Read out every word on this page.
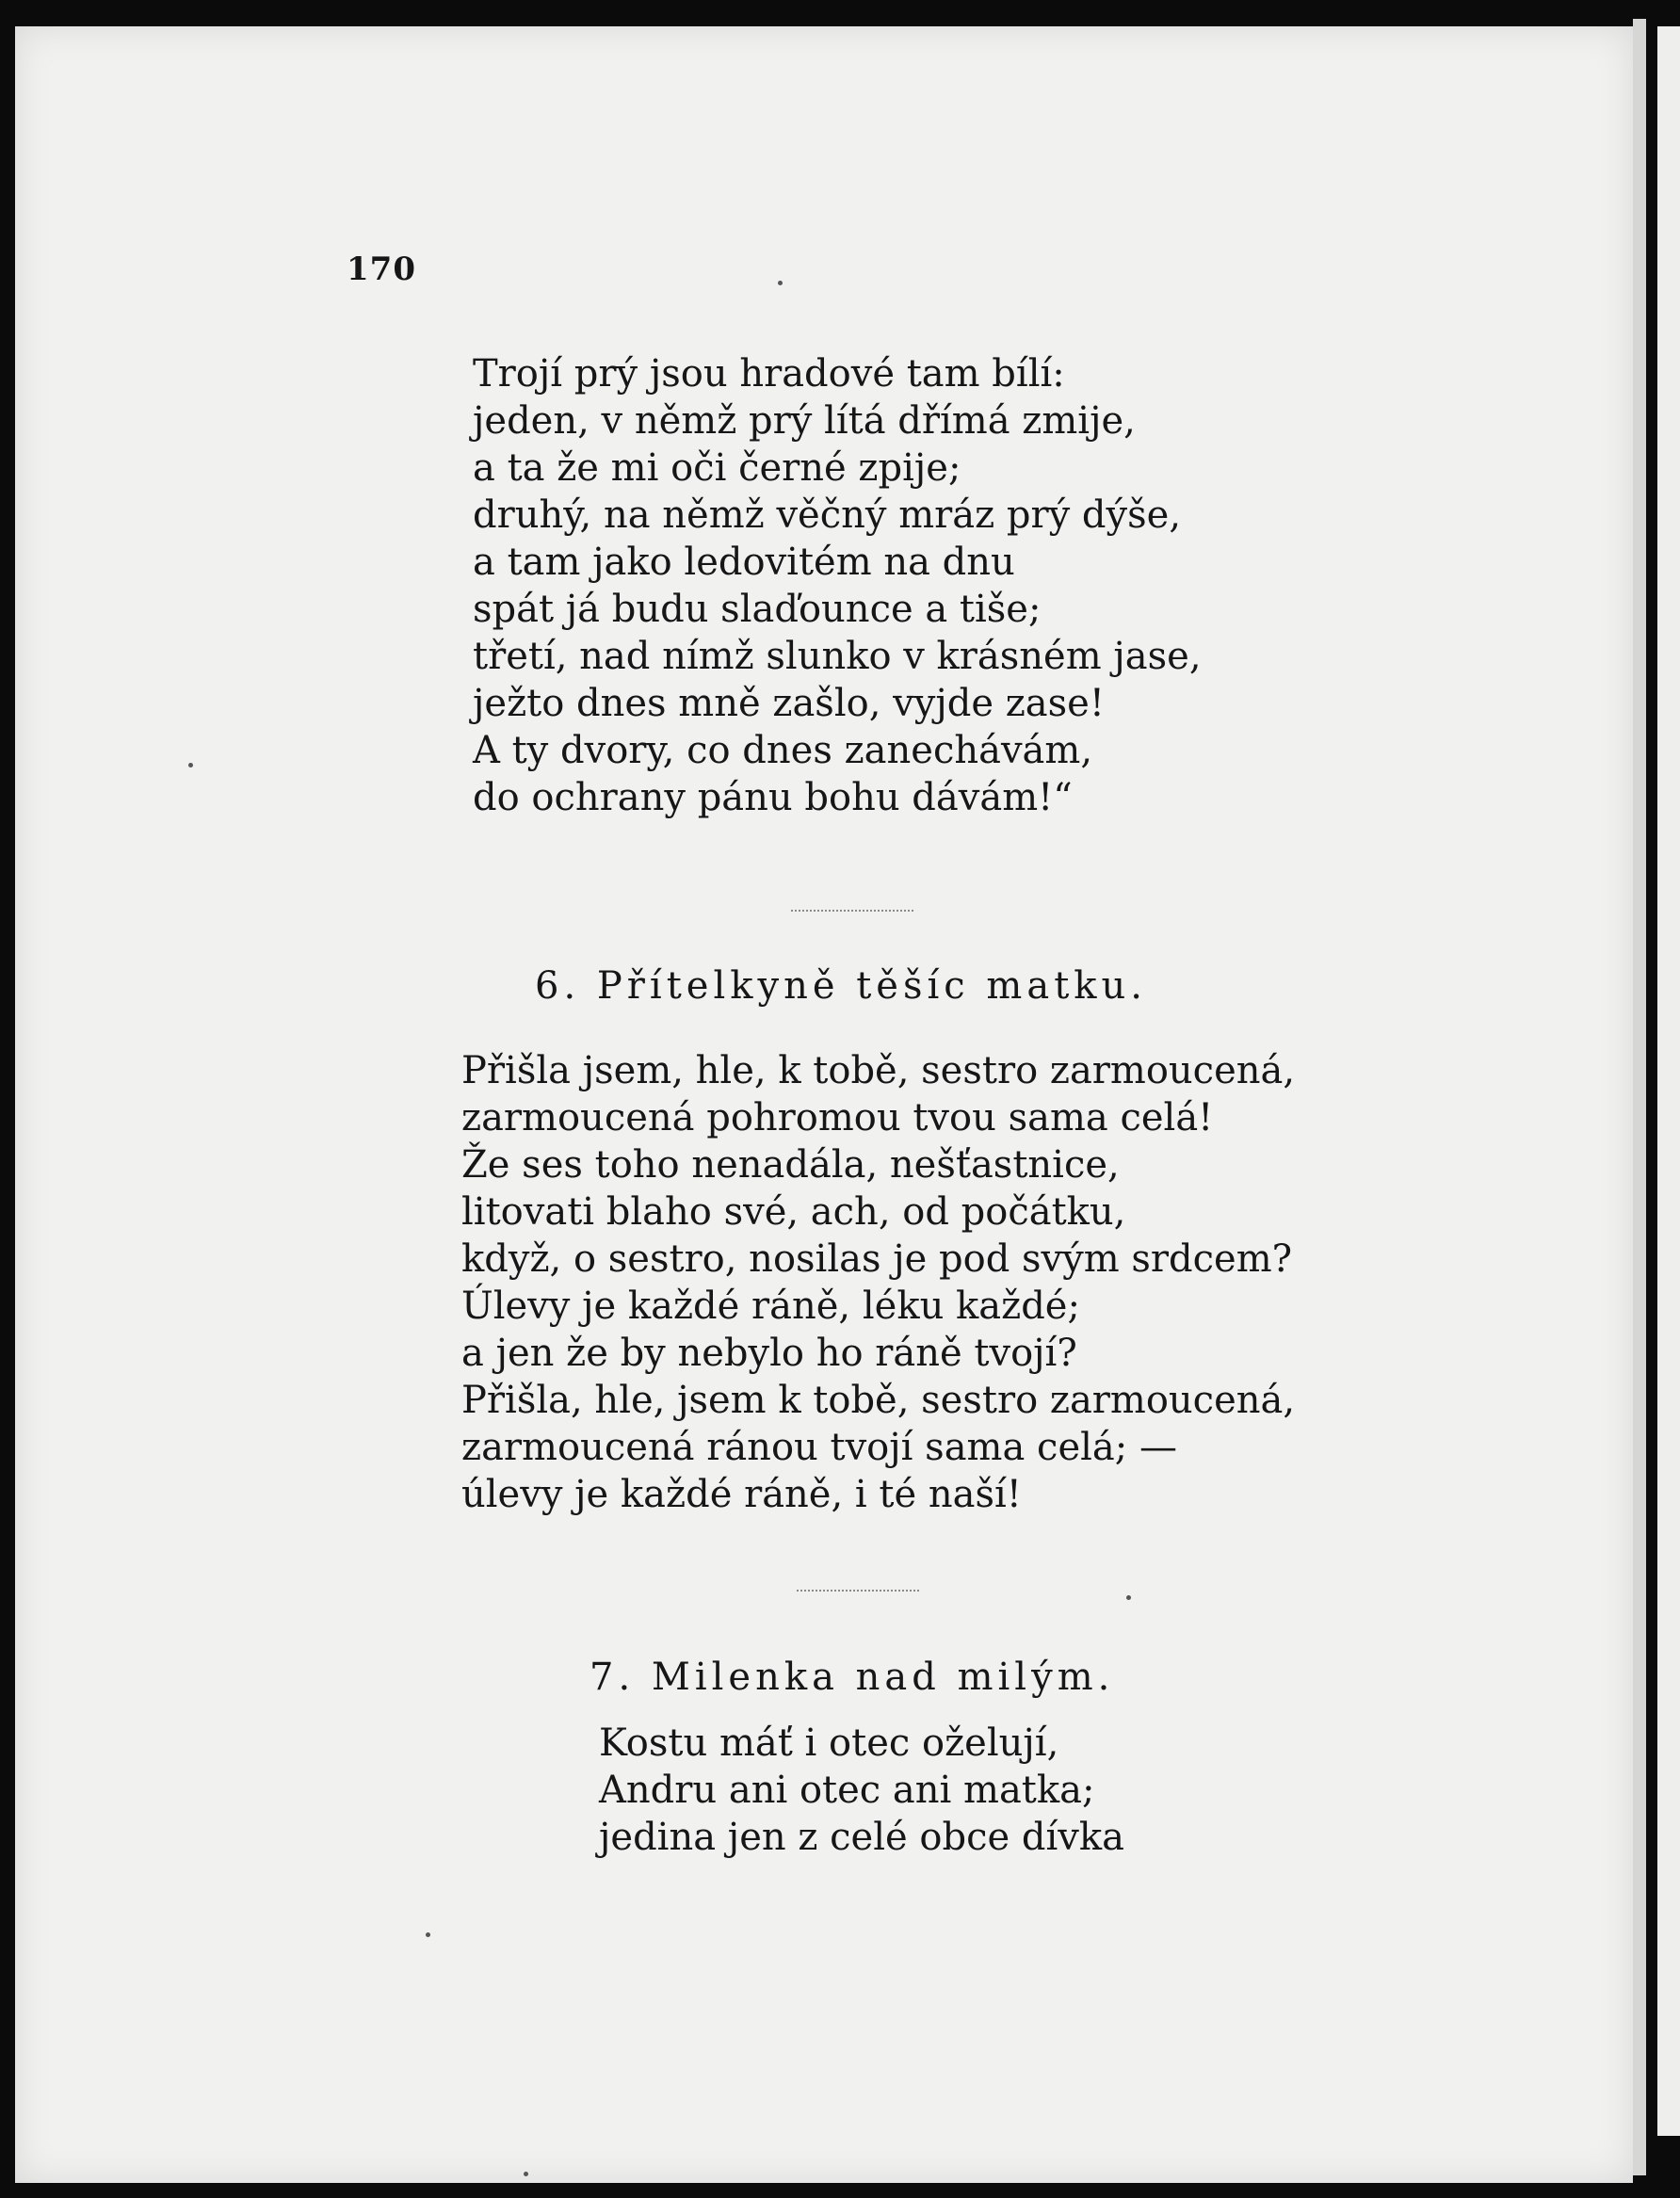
170
Trojí prý jsou hradové tam bílí:
jeden, v němž prý lítá dřímá zmije,
a ta že mi oči černé zpije;
druhý, na němž věčný mráz prý dýše,
a tam jako ledovitém na dnu
spát já budu slaďounce a tiše;
třetí, nad nímž slunko v krásném jase,
ježto dnes mně zašlo, vyjde zase!
A ty dvory, co dnes zanechávám,
do ochrany pánu bohu dávám!“
6. Přítelkyně těšíc matku.
Přišla jsem, hle, k tobě, sestro zarmoucená,
zarmoucená pohromou tvou sama celá!
Že ses toho nenadála, nešťastnice,
litovati blaho své, ach, od počátku,
když, o sestro, nosilas je pod svým srdcem?
Úlevy je každé ráně, léku každé;
a jen že by nebylo ho ráně tvojí?
Přišla, hle, jsem k tobě, sestro zarmoucená,
zarmoucená ránou tvojí sama celá; —
úlevy je každé ráně, i té naší!
7. Milenka nad milým.
Kostu máť i otec oželují,
Andru ani otec ani matka;
jedina jen z celé obce dívka
